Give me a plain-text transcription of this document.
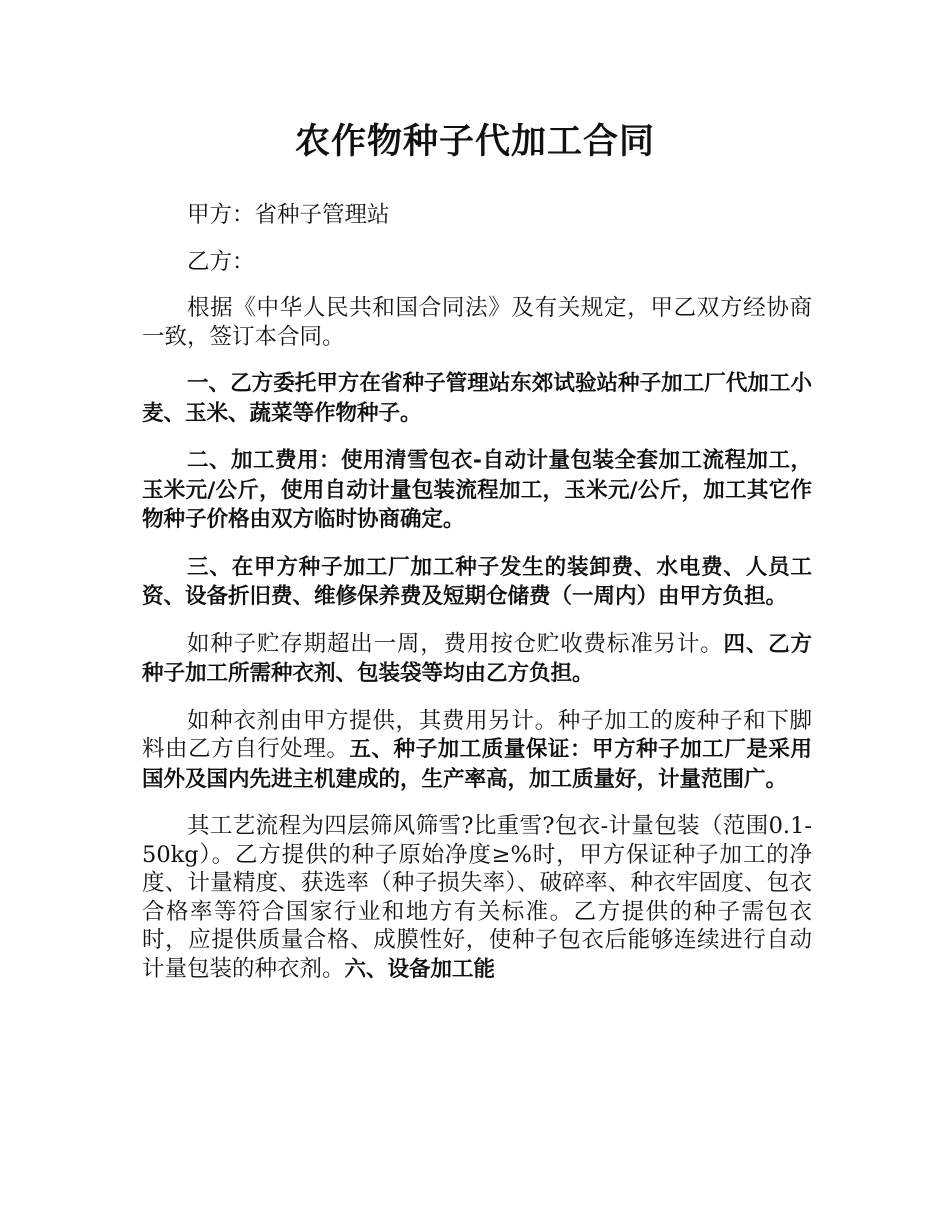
农作物种子代加工合同

甲方：省种子管理站

乙方：

根据《中华人民共和国合同法》及有关规定，甲乙双方经协商一致，签订本合同。

一、乙方委托甲方在省种子管理站东郊试验站种子加工厂代加工小麦、玉米、蔬菜等作物种子。

二、加工费用：使用清雪包衣-自动计量包装全套加工流程加工，玉米元/公斤，使用自动计量包装流程加工，玉米元/公斤，加工其它作物种子价格由双方临时协商确定。

三、在甲方种子加工厂加工种子发生的装卸费、水电费、人员工资、设备折旧费、维修保养费及短期仓储费（一周内）由甲方负担。

如种子贮存期超出一周，费用按仓贮收费标准另计。四、乙方种子加工所需种衣剂、包装袋等均由乙方负担。

如种衣剂由甲方提供，其费用另计。种子加工的废种子和下脚料由乙方自行处理。五、种子加工质量保证：甲方种子加工厂是采用国外及国内先进主机建成的，生产率高，加工质量好，计量范围广。

其工艺流程为四层筛风筛雪?比重雪?包衣-计量包装（范围0.1-50kg）。乙方提供的种子原始净度≥%时，甲方保证种子加工的净度、计量精度、获选率（种子损失率）、破碎率、种衣牢固度、包衣合格率等符合国家行业和地方有关标准。乙方提供的种子需包衣时，应提供质量合格、成膜性好，使种子包衣后能够连续进行自动计量包装的种衣剂。六、设备加工能
